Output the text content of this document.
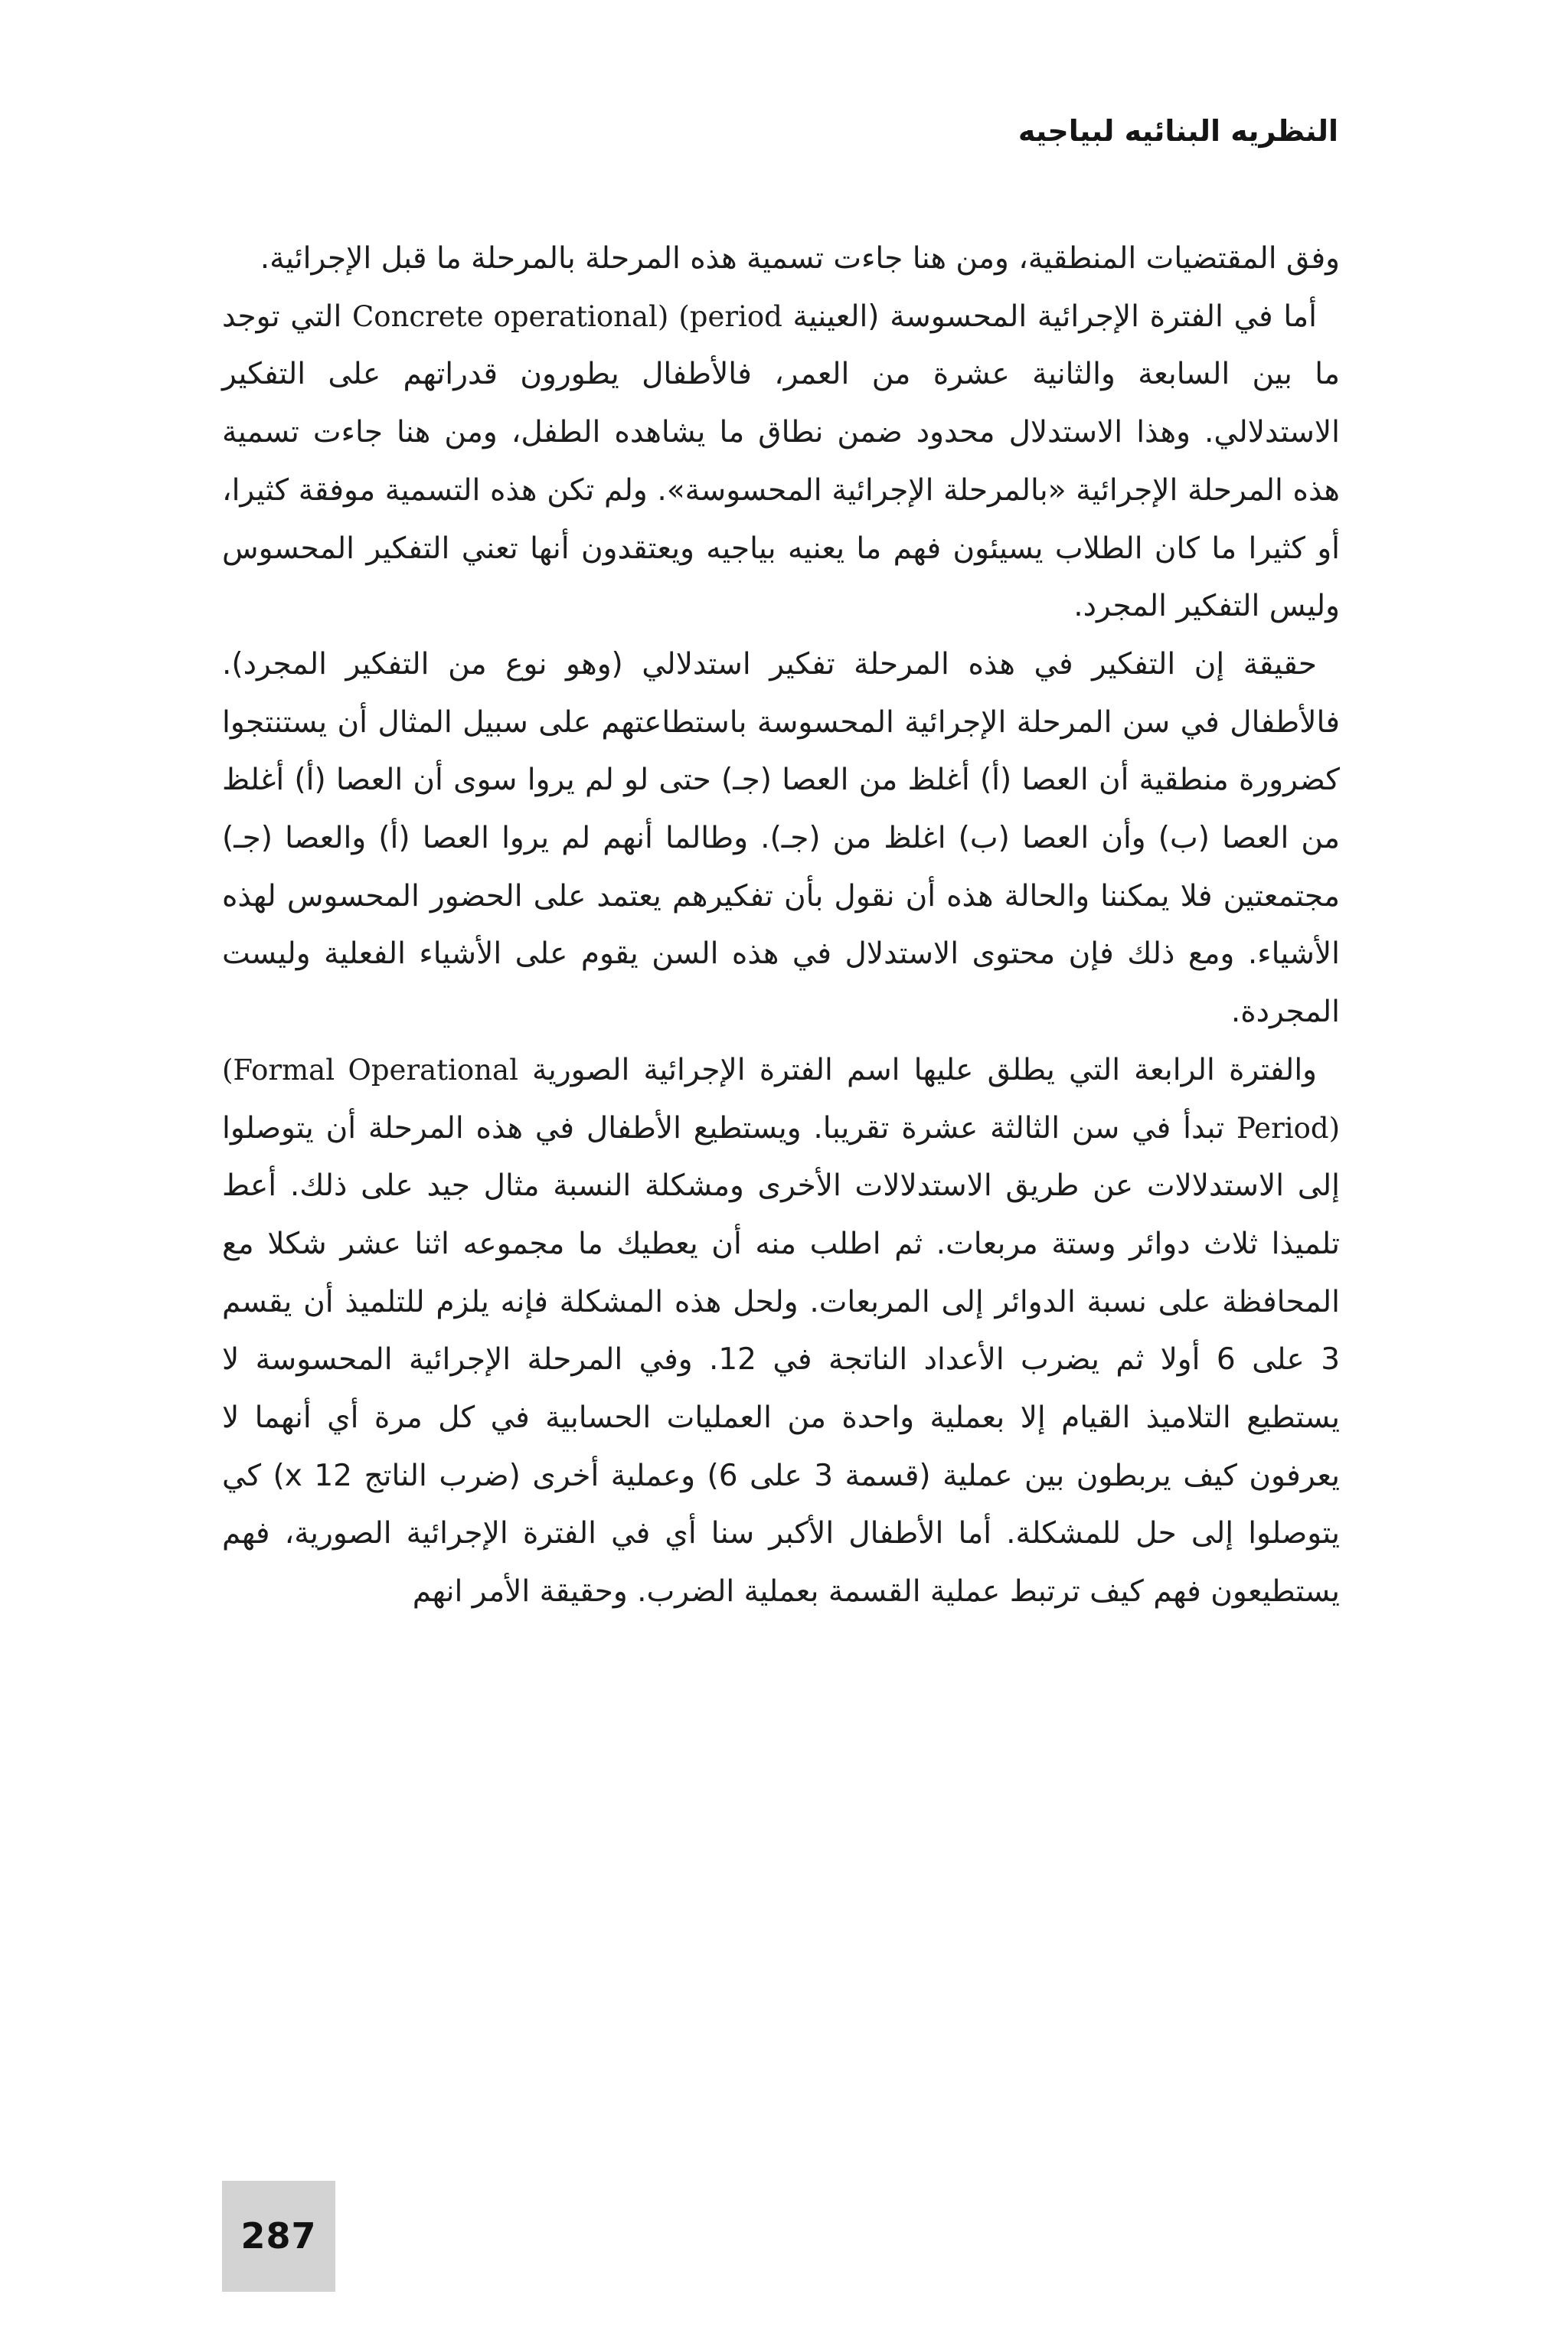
النظريه البنائيه لبياجيه

وفق المقتضيات المنطقية، ومن هنا جاءت تسمية هذه المرحلة بالمرحلة ما قبل الإجرائية.

أما في الفترة الإجرائية المحسوسة (العينية Concrete operational) (period التي توجد ما بين السابعة والثانية عشرة من العمر، فالأطفال يطورون قدراتهم على التفكير الاستدلالي. وهذا الاستدلال محدود ضمن نطاق ما يشاهده الطفل، ومن هنا جاءت تسمية هذه المرحلة الإجرائية «بالمرحلة الإجرائية المحسوسة». ولم تكن هذه التسمية موفقة كثيرا، أو كثيرا ما كان الطلاب يسيئون فهم ما يعنيه بياجيه ويعتقدون أنها تعني التفكير المحسوس وليس التفكير المجرد.

حقيقة إن التفكير في هذه المرحلة تفكير استدلالي (وهو نوع من التفكير المجرد). فالأطفال في سن المرحلة الإجرائية المحسوسة باستطاعتهم على سبيل المثال أن يستنتجوا كضرورة منطقية أن العصا (أ) أغلظ من العصا (جـ) حتى لو لم يروا سوى أن العصا (أ) أغلظ من العصا (ب) وأن العصا (ب) اغلظ من (جـ). وطالما أنهم لم يروا العصا (أ) والعصا (جـ) مجتمعتين فلا يمكننا والحالة هذه أن نقول بأن تفكيرهم يعتمد على الحضور المحسوس لهذه الأشياء. ومع ذلك فإن محتوى الاستدلال في هذه السن يقوم على الأشياء الفعلية وليست المجردة.

والفترة الرابعة التي يطلق عليها اسم الفترة الإجرائية الصورية (Formal Operational Period) تبدأ في سن الثالثة عشرة تقريبا. ويستطيع الأطفال في هذه المرحلة أن يتوصلوا إلى الاستدلالات عن طريق الاستدلالات الأخرى ومشكلة النسبة مثال جيد على ذلك. أعط تلميذا ثلاث دوائر وستة مربعات. ثم اطلب منه أن يعطيك ما مجموعه اثنا عشر شكلا مع المحافظة على نسبة الدوائر إلى المربعات. ولحل هذه المشكلة فإنه يلزم للتلميذ أن يقسم 3 على 6 أولا ثم يضرب الأعداد الناتجة في 12. وفي المرحلة الإجرائية المحسوسة لا يستطيع التلاميذ القيام إلا بعملية واحدة من العمليات الحسابية في كل مرة أي أنهما لا يعرفون كيف يربطون بين عملية (قسمة 3 على 6) وعملية أخرى (ضرب الناتج 12 x) كي يتوصلوا إلى حل للمشكلة. أما الأطفال الأكبر سنا أي في الفترة الإجرائية الصورية، فهم يستطيعون فهم كيف ترتبط عملية القسمة بعملية الضرب. وحقيقة الأمر انهم

287
